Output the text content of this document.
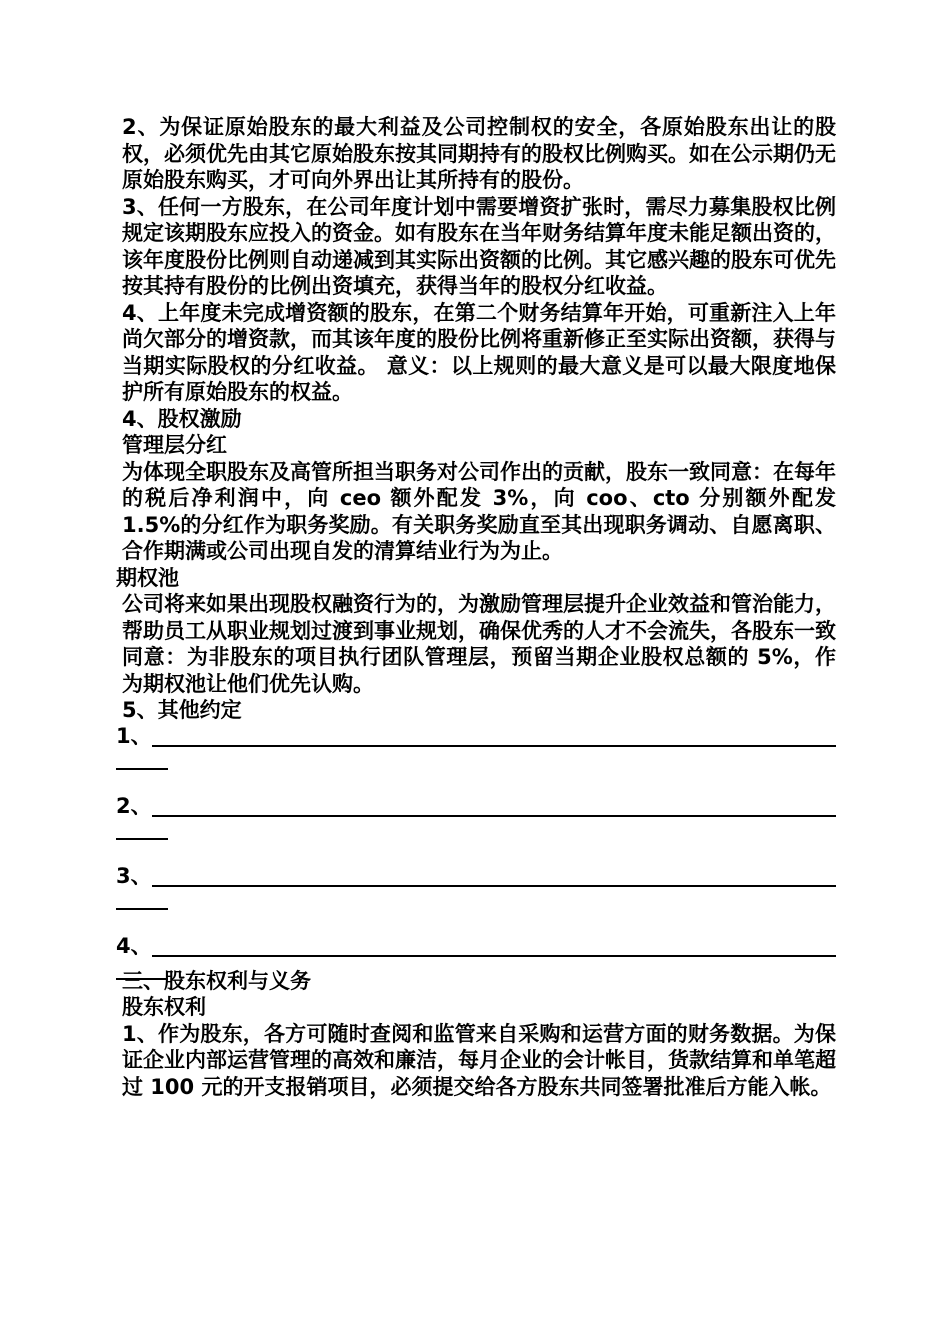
2、为保证原始股东的最大利益及公司控制权的安全，各原始股东出让的股权，必须优先由其它原始股东按其同期持有的股权比例购买。如在公示期仍无原始股东购买，才可向外界出让其所持有的股份。

3、任何一方股东，在公司年度计划中需要增资扩张时，需尽力募集股权比例规定该期股东应投入的资金。如有股东在当年财务结算年度未能足额出资的，该年度股份比例则自动递减到其实际出资额的比例。其它感兴趣的股东可优先按其持有股份的比例出资填充，获得当年的股权分红收益。

4、上年度未完成增资额的股东，在第二个财务结算年开始，可重新注入上年尚欠部分的增资款，而其该年度的股份比例将重新修正至实际出资额，获得与当期实际股权的分红收益。 意义：以上规则的最大意义是可以最大限度地保护所有原始股东的权益。

4、股权激励

管理层分红

为体现全职股东及高管所担当职务对公司作出的贡献，股东一致同意：在每年的税后净利润中，向 ceo 额外配发 3%，向 coo、cto 分别额外配发 1.5%的分红作为职务奖励。有关职务奖励直至其出现职务调动、自愿离职、合作期满或公司出现自发的清算结业行为为止。

期权池

公司将来如果出现股权融资行为的，为激励管理层提升企业效益和管治能力，帮助员工从职业规划过渡到事业规划，确保优秀的人才不会流失，各股东一致同意：为非股东的项目执行团队管理层，预留当期企业股权总额的 5%，作为期权池让他们优先认购。

5、其他约定

1、
2、
3、
4、

三、股东权利与义务

股东权利

1、作为股东，各方可随时查阅和监管来自采购和运营方面的财务数据。为保证企业内部运营管理的高效和廉洁，每月企业的会计帐目，货款结算和单笔超过 100 元的开支报销项目，必须提交给各方股东共同签署批准后方能入帐。
